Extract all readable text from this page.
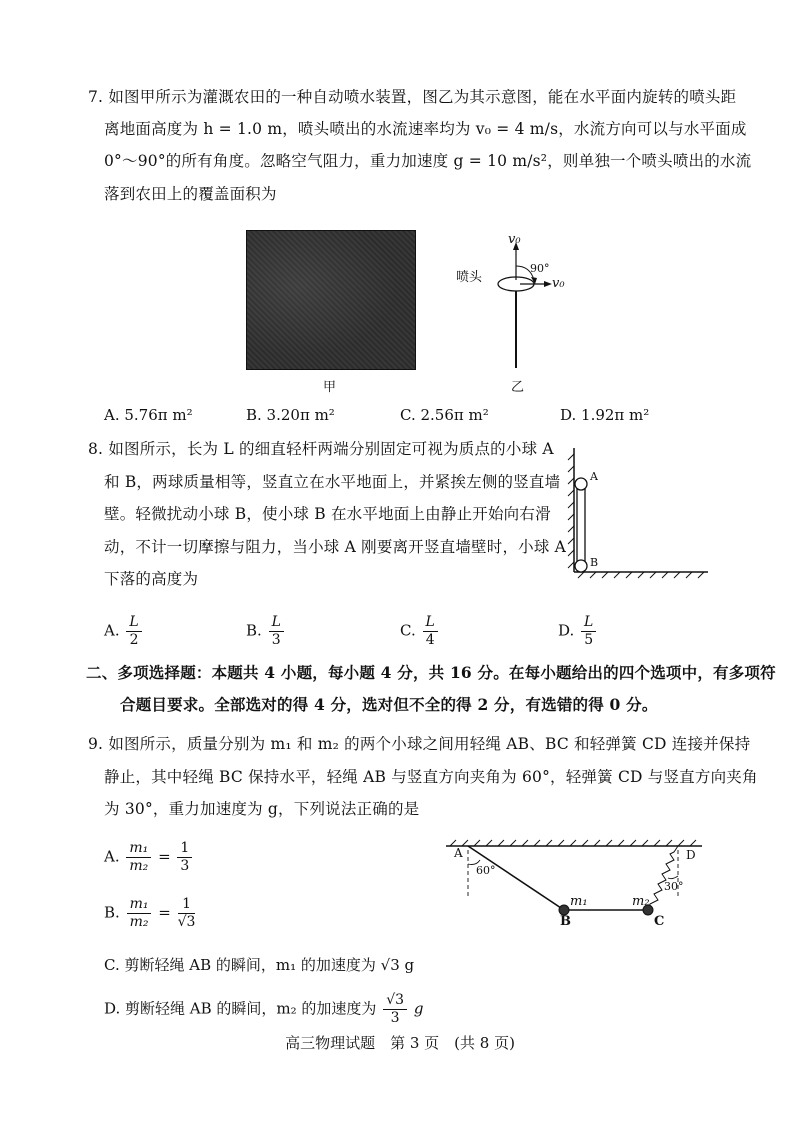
7. 如图甲所示为灌溉农田的一种自动喷水装置，图乙为其示意图，能在水平面内旋转的喷头距
离地面高度为 h = 1.0 m，喷头喷出的水流速率均为 v₀ = 4 m/s，水流方向可以与水平面成
0°～90°的所有角度。忽略空气阻力，重力加速度 g = 10 m/s²，则单独一个喷头喷出的水流
落到农田上的覆盖面积为
甲
v₀
90°
喷头	v₀
乙
A. 5.76π m²	B. 3.20π m²	C. 2.56π m²	D. 1.92π m²
8. 如图所示，长为 L 的细直轻杆两端分别固定可视为质点的小球 A
和 B，两球质量相等，竖直立在水平地面上，并紧挨左侧的竖直墙
壁。轻微扰动小球 B，使小球 B 在水平地面上由静止开始向右滑
动，不计一切摩擦与阻力，当小球 A 刚要离开竖直墙壁时，小球 A
下落的高度为
A
B
A. $\frac{L}{2}$	B. $\frac{L}{3}$	C. $\frac{L}{4}$	D. $\frac{L}{5}$
二、多项选择题：本题共 4 小题，每小题 4 分，共 16 分。在每小题给出的四个选项中，有多项符
合题目要求。全部选对的得 4 分，选对但不全的得 2 分，有选错的得 0 分。
9. 如图所示，质量分别为 m₁ 和 m₂ 的两个小球之间用轻绳 AB、BC 和轻弹簧 CD 连接并保持
静止，其中轻绳 BC 保持水平，轻绳 AB 与竖直方向夹角为 60°，轻弹簧 CD 与竖直方向夹角
为 30°，重力加速度为 g，下列说法正确的是
A. $\frac{\text{m₁}}{\text{m₂}} = \frac{1}{3}$
B. $\frac{\text{m₁}}{\text{m₂}} = \frac{1}{√3}$
C. 剪断轻绳 AB 的瞬间，m₁ 的加速度为 √3 g
D. 剪断轻绳 AB 的瞬间，m₂ 的加速度为 $\frac{√3}{3}$ g
A
60°
D
30°
m₁	m₂
B	C
高三物理试题　第 3 页　(共 8 页)
